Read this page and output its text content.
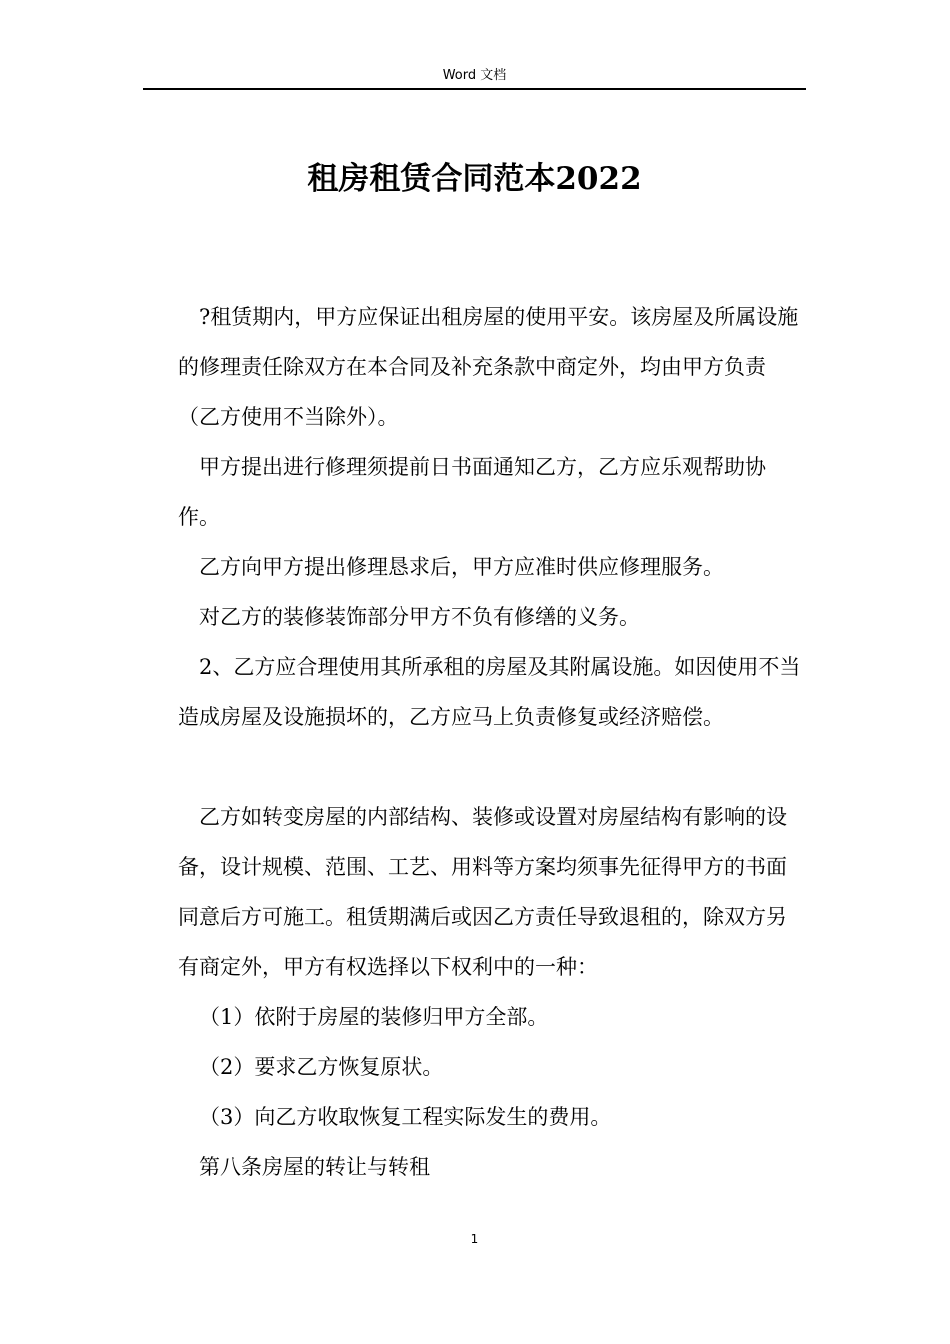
Word 文档
租房租赁合同范本2022

?租赁期内，甲方应保证出租房屋的使用平安。该房屋及所属设施的修理责任除双方在本合同及补充条款中商定外，均由甲方负责（乙方使用不当除外）。

甲方提出进行修理须提前日书面通知乙方，乙方应乐观帮助协作。

乙方向甲方提出修理恳求后，甲方应准时供应修理服务。

对乙方的装修装饰部分甲方不负有修缮的义务。

2、乙方应合理使用其所承租的房屋及其附属设施。如因使用不当造成房屋及设施损坏的，乙方应马上负责修复或经济赔偿。

乙方如转变房屋的内部结构、装修或设置对房屋结构有影响的设备，设计规模、范围、工艺、用料等方案均须事先征得甲方的书面同意后方可施工。租赁期满后或因乙方责任导致退租的，除双方另有商定外，甲方有权选择以下权利中的一种：

（1）依附于房屋的装修归甲方全部。

（2）要求乙方恢复原状。

（3）向乙方收取恢复工程实际发生的费用。

第八条房屋的转让与转租

1
